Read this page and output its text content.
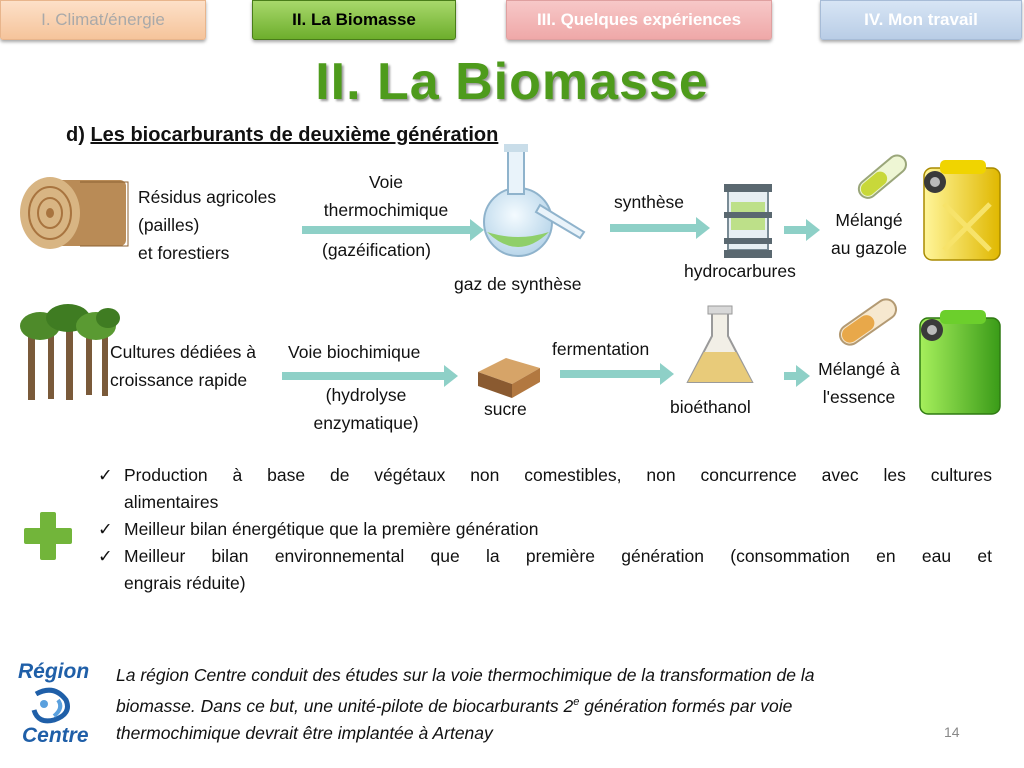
I. Climat/énergie	II. La Biomasse	III. Quelques expériences	IV. Mon travail
II. La Biomasse
d) Les biocarburants de deuxième génération
Résidus agricoles
(pailles)
et forestiers
Voie
thermochimique
(gazéification)
gaz de synthèse
synthèse
hydrocarbures
Mélangé
au gazole
Cultures dédiées à
croissance rapide
Voie biochimique
(hydrolyse
enzymatique)
sucre
fermentation
bioéthanol
Mélangé à
l'essence
✓ Production à base de végétaux non comestibles, non concurrence avec les cultures
alimentaires
✓ Meilleur bilan énergétique que la première génération
✓ Meilleur bilan environnemental que la première génération (consommation en eau et
engrais réduite)
Région
Centre
La région Centre conduit des études sur la voie thermochimique de la transformation de la
biomasse. Dans ce but, une unité-pilote de biocarburants 2e génération formés par voie
thermochimique devrait être implantée à Artenay	14
